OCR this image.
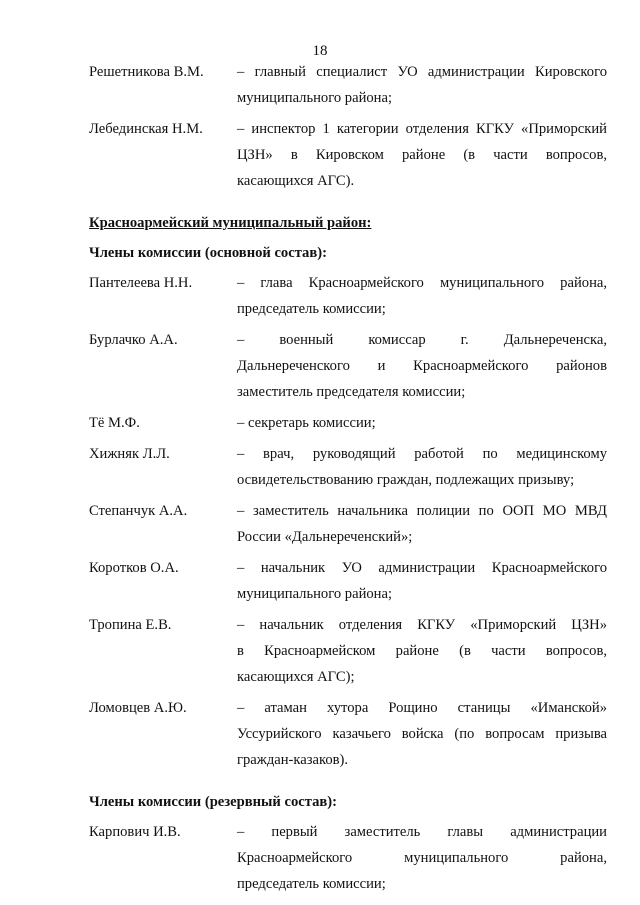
18
Решетникова В.М.	– главный специалист УО администрации Кировского
муниципального района;
Лебединская Н.М.	– инспектор 1 категории отделения КГКУ «Приморский
ЦЗН» в Кировском районе (в части вопросов,
касающихся АГС).
Красноармейский муниципальный район:
Члены комиссии (основной состав):
Пантелеева Н.Н.	– глава Красноармейского муниципального района,
председатель комиссии;
Бурлачко А.А.	– военный комиссар г. Дальнереченска,
Дальнереченского и Красноармейского районов
заместитель председателя комиссии;
Тё М.Ф.	– секретарь комиссии;
Хижняк Л.Л.	– врач, руководящий работой по медицинскому
освидетельствованию граждан, подлежащих призыву;
Степанчук А.А.	– заместитель начальника полиции по ООП МО МВД
России «Дальнереченский»;
Коротков О.А.	– начальник УО администрации Красноармейского
муниципального района;
Тропина Е.В.	– начальник отделения КГКУ «Приморский ЦЗН»
в Красноармейском районе (в части вопросов,
касающихся АГС);
Ломовцев А.Ю.	– атаман хутора Рощино станицы «Иманской»
Уссурийского казачьего войска (по вопросам призыва
граждан-казаков).
Члены комиссии (резервный состав):
Карпович И.В.	– первый заместитель главы администрации
Красноармейского муниципального района,
председатель комиссии;
